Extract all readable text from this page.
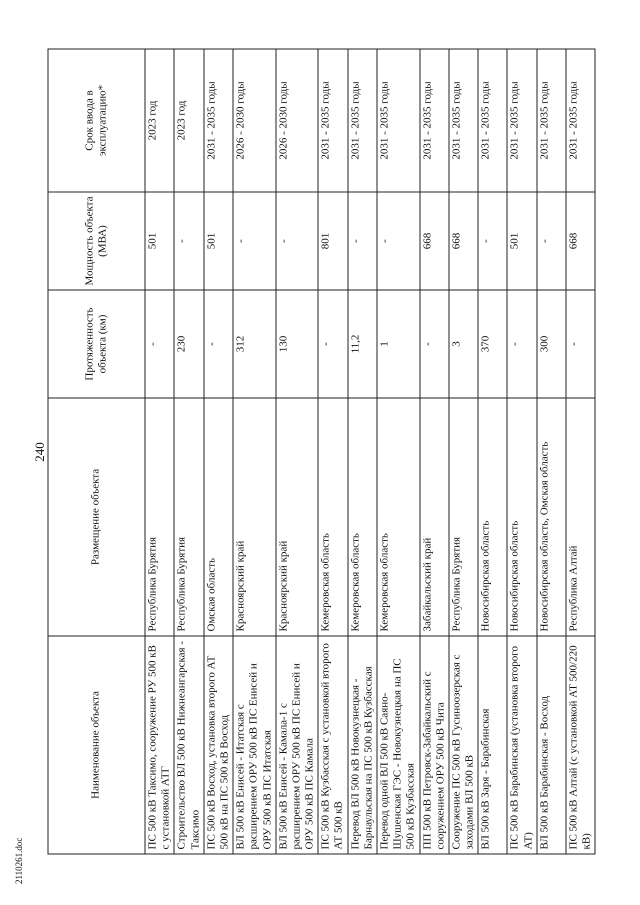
240
2110261.doc
Наименование объекта	Размещение объекта	Протяженность объекта (км)	Мощность объекта (МВА)	Срок ввода в эксплуатацию*
ПС 500 кВ Таксимо, сооружение РУ 500 кВ с установкой АТГ	Республика Бурятия	-	501	2023 год
Строительство ВЛ 500 кВ Нижнеангарская - Таксимо	Республика Бурятия	230	-	2023 год
ПС 500 кВ Восход, установка второго АТ 500 кВ на ПС 500 кВ Восход	Омская область	-	501	2031 - 2035 годы
ВЛ 500 кВ Енисей - Итатская с расширением ОРУ 500 кВ ПС Енисей и ОРУ 500 кВ ПС Итатская	Красноярский край	312	-	2026 - 2030 годы
ВЛ 500 кВ Енисей - Камала-1 с расширением ОРУ 500 кВ ПС Енисей и ОРУ 500 кВ ПС Камала	Красноярский край	130	-	2026 - 2030 годы
ПС 500 кВ Кузбасская с установкой второго АТ 500 кВ	Кемеровская область	-	801	2031 - 2035 годы
Перевод ВЛ 500 кВ Новокузнецкая - Барнаульская на ПС 500 кВ Кузбасская	Кемеровская область	11,2	-	2031 - 2035 годы
Перевод одной ВЛ 500 кВ Саяно-Шушенская ГЭС - Новокузнецкая на ПС 500 кВ Кузбасская	Кемеровская область	1	-	2031 - 2035 годы
ПП 500 кВ Петровск-Забайкальский с сооружением ОРУ 500 кВ Чита	Забайкальский край	-	668	2031 - 2035 годы
Сооружение ПС 500 кВ Гусиноозерская с заходами ВЛ 500 кВ	Республика Бурятия	3	668	2031 - 2035 годы
ВЛ 500 кВ Заря - Барабинская	Новосибирская область	370	-	2031 - 2035 годы
ПС 500 кВ Барабинская (установка второго АТ)	Новосибирская область	-	501	2031 - 2035 годы
ВЛ 500 кВ Барабинская - Восход	Новосибирская область, Омская область	300	-	2031 - 2035 годы
ПС 500 кВ Алтай (с установкой АТ 500/220 кВ)	Республика Алтай	-	668	2031 - 2035 годы
